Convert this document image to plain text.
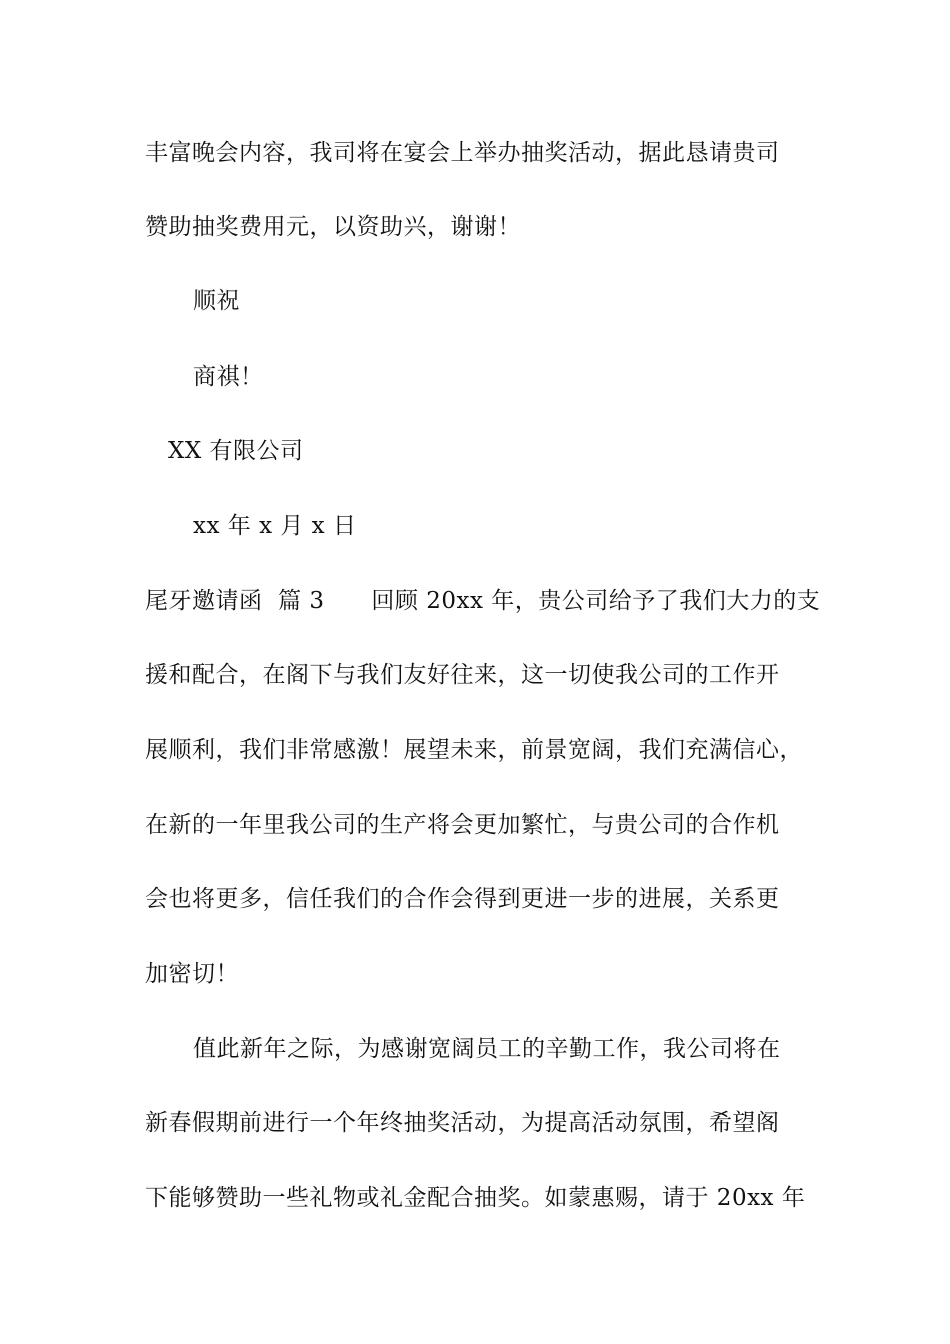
丰富晚会内容，我司将在宴会上举办抽奖活动，据此恳请贵司
赞助抽奖费用元，以资助兴，谢谢！
顺祝
商祺！
XX 有限公司
xx 年 x 月 x 日
尾牙邀请函  篇 3      回顾 20xx 年，贵公司给予了我们大力的支
援和配合，在阁下与我们友好往来，这一切使我公司的工作开
展顺利，我们非常感激！展望未来，前景宽阔，我们充满信心，
在新的一年里我公司的生产将会更加繁忙，与贵公司的合作机
会也将更多，信任我们的合作会得到更进一步的进展，关系更
加密切！
值此新年之际，为感谢宽阔员工的辛勤工作，我公司将在
新春假期前进行一个年终抽奖活动，为提高活动氛围，希望阁
下能够赞助一些礼物或礼金配合抽奖。如蒙惠赐，请于 20xx 年
